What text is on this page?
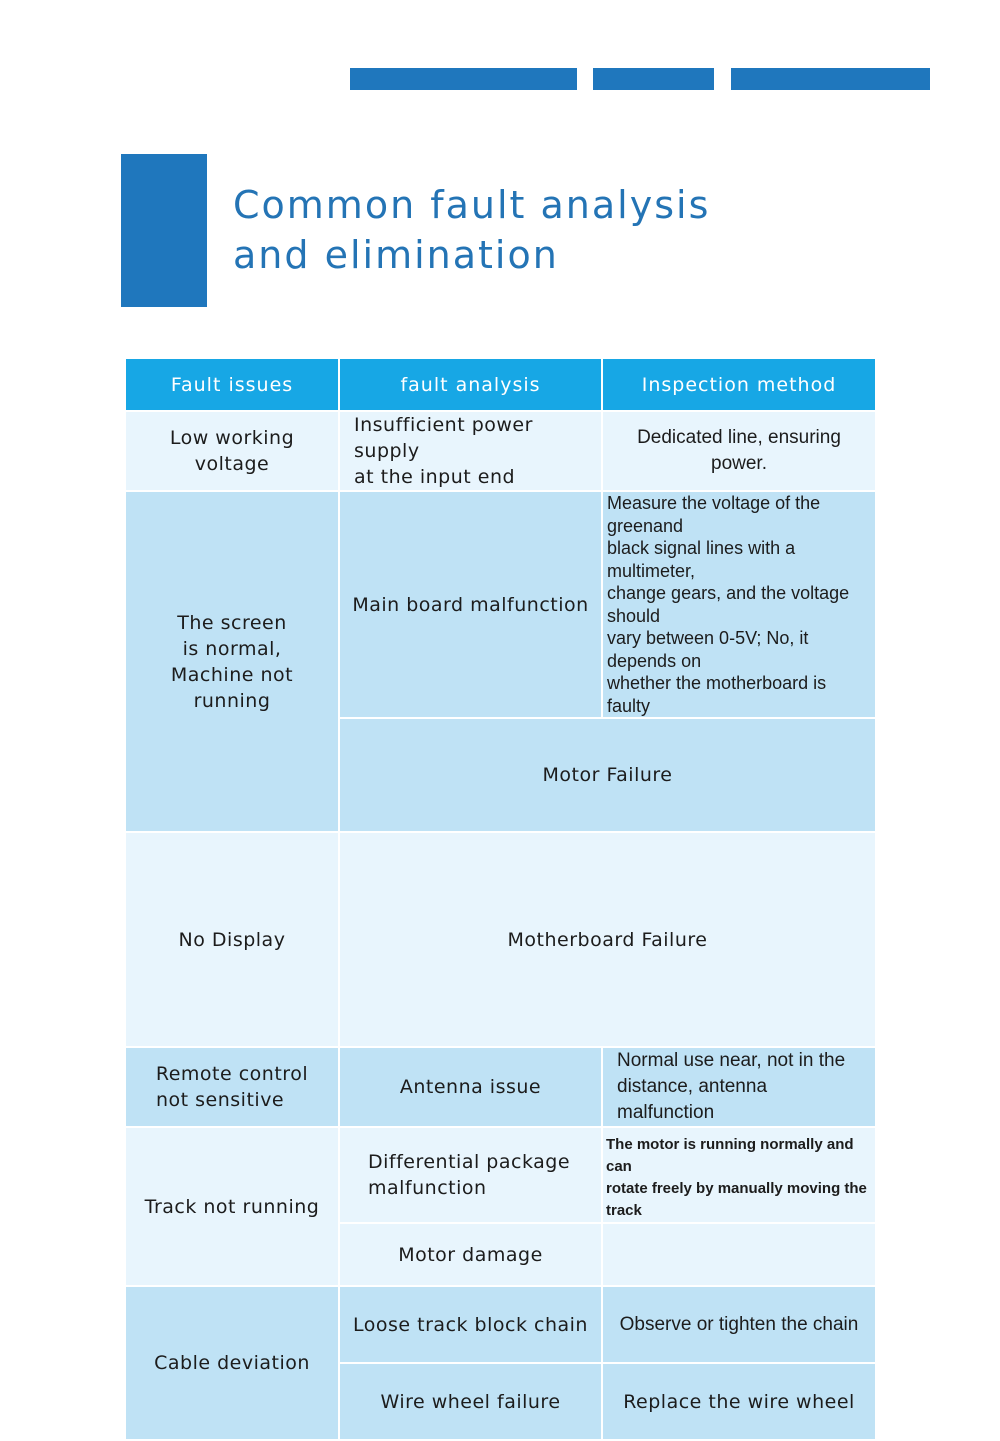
Common fault analysis
and elimination
Fault issues	fault analysis	Inspection method

Low working
voltage	Insufficient power supply
at the input end	Dedicated line, ensuring power.

The screen
is normal,
Machine not
running	Main board malfunction	Measure the voltage of the greenand
black signal lines with a multimeter,
change gears, and the voltage should
vary between 0-5V; No, it depends on
whether the motherboard is faulty

	Motor Failure	
No Display	Motherboard Failure	

Remote control
not sensitive	Antenna issue	Normal use near, not in the
distance, antenna malfunction

Track not running	Differential package
malfunction	The motor is running normally and can
rotate freely by manually moving the track

	Motor damage	
Cable deviation	Loose track block chain	Observe or tighten the chain
	Wire wheel failure	Replace the wire wheel
